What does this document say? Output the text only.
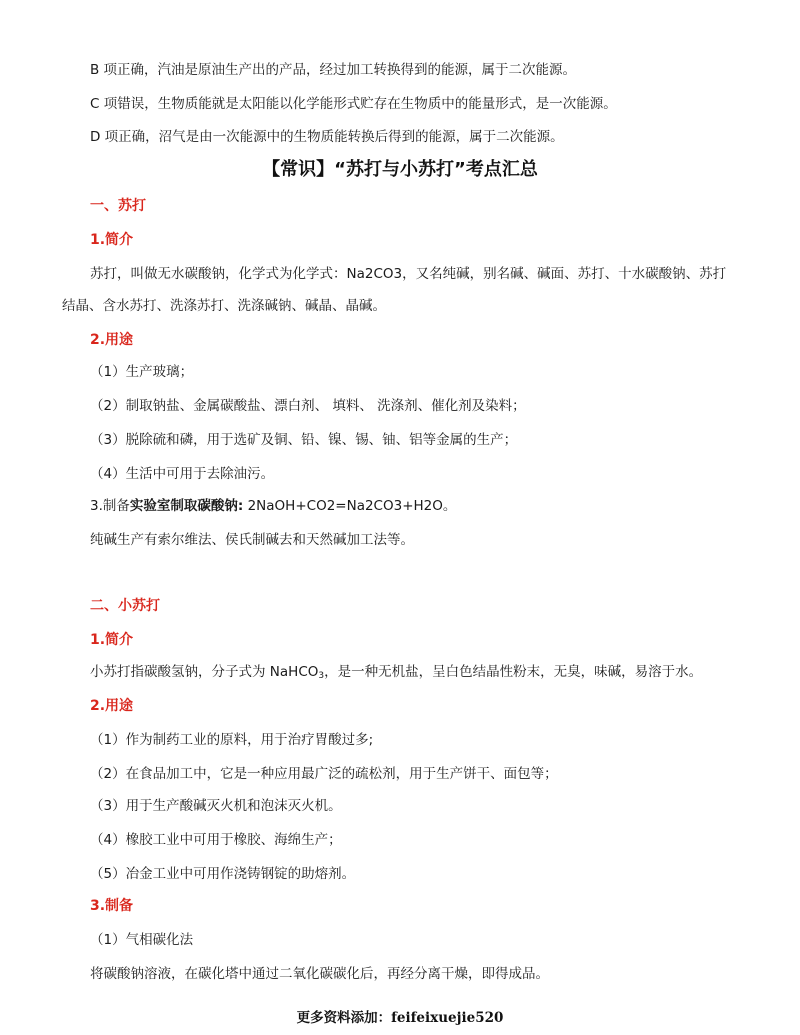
B 项正确，汽油是原油生产出的产品，经过加工转换得到的能源，属于二次能源。
C 项错误，生物质能就是太阳能以化学能形式贮存在生物质中的能量形式，是一次能源。
D 项正确，沼气是由一次能源中的生物质能转换后得到的能源，属于二次能源。
【常识】“苏打与小苏打”考点汇总
一、苏打
1.简介
苏打，叫做无水碳酸钠，化学式为化学式：Na2CO3，又名纯碱，别名碱、碱面、苏打、十水碳酸钠、苏打
结晶、含水苏打、洗涤苏打、洗涤碱钠、碱晶、晶碱。
2.用途
（1）生产玻璃；
（2）制取钠盐、金属碳酸盐、漂白剂、 填料、 洗涤剂、催化剂及染料；
（3）脱除硫和磷，用于选矿及铜、铅、镍、锡、铀、铝等金属的生产；
（4）生活中可用于去除油污。
3.制备实验室制取碳酸钠: 2NaOH+CO2=Na2CO3+H2O。
纯碱生产有索尔维法、侯氏制碱去和天然碱加工法等。
二、小苏打
1.简介
小苏打指碳酸氢钠，分子式为 NaHCO$_3$，是一种无机盐，呈白色结晶性粉末，无臭，味碱，易溶于水。
2.用途
（1）作为制药工业的原料，用于治疗胃酸过多;
（2）在食品加工中，它是一种应用最广泛的疏松剂，用于生产饼干、面包等；
（3）用于生产酸碱灭火机和泡沫灭火机。
（4）橡胶工业中可用于橡胶、海绵生产；
（5）冶金工业中可用作浇铸钢锭的助熔剂。
3.制备
（1）气相碳化法
将碳酸钠溶液，在碳化塔中通过二氧化碳碳化后，再经分离干燥，即得成品。
更多资料添加：feifeixuejie520
